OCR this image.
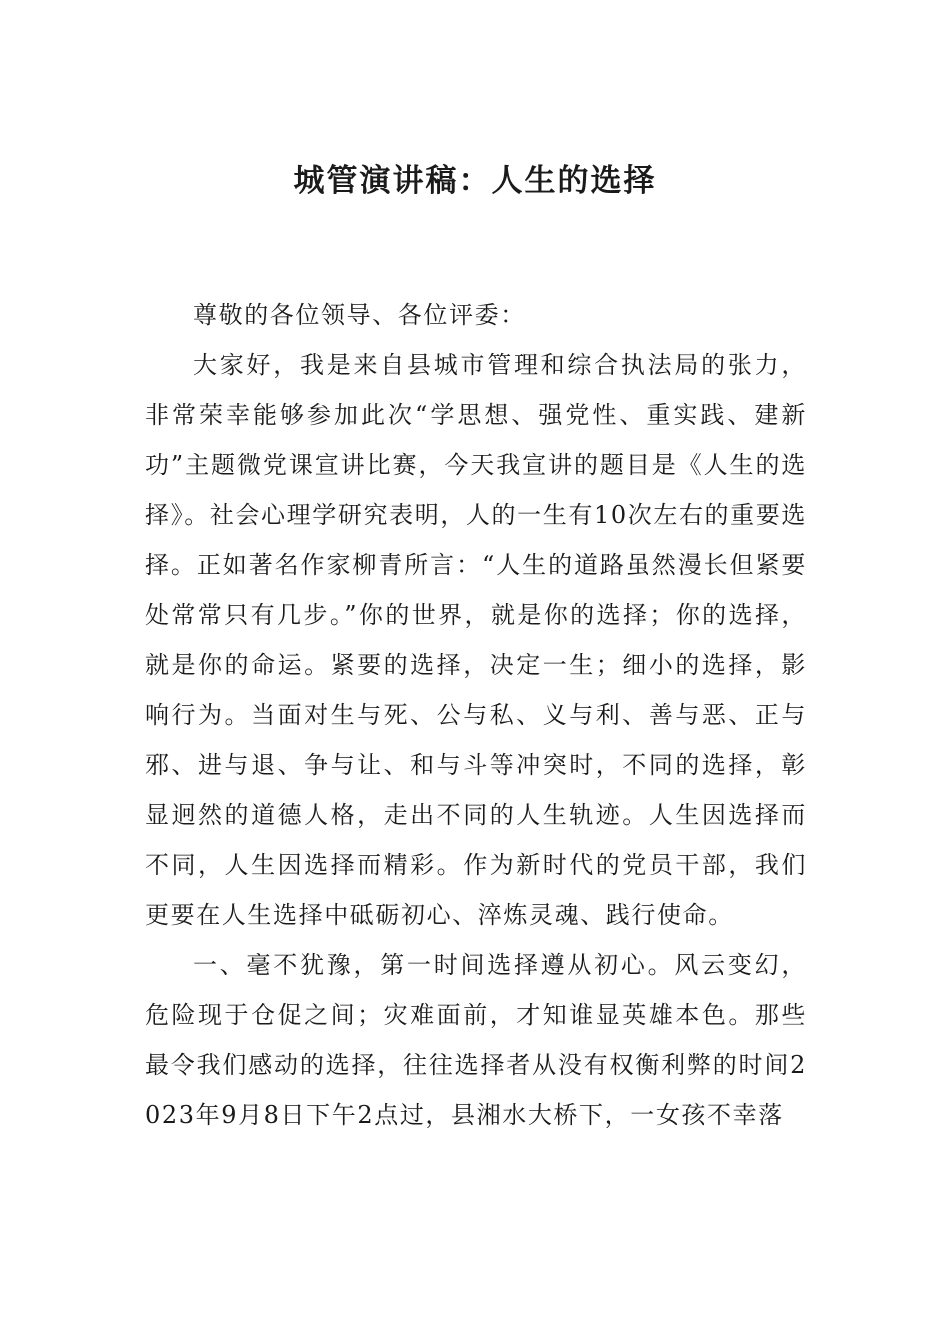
城管演讲稿：人生的选择

尊敬的各位领导、各位评委：

大家好，我是来自县城市管理和综合执法局的张力，非常荣幸能够参加此次“学思想、强党性、重实践、建新功”主题微党课宣讲比赛，今天我宣讲的题目是《人生的选择》。社会心理学研究表明，人的一生有10次左右的重要选择。正如著名作家柳青所言：“人生的道路虽然漫长但紧要处常常只有几步。”你的世界，就是你的选择；你的选择，就是你的命运。紧要的选择，决定一生；细小的选择，影响行为。当面对生与死、公与私、义与利、善与恶、正与邪、进与退、争与让、和与斗等冲突时，不同的选择，彰显迥然的道德人格，走出不同的人生轨迹。人生因选择而不同，人生因选择而精彩。作为新时代的党员干部，我们更要在人生选择中砥砺初心、淬炼灵魂、践行使命。

一、毫不犹豫，第一时间选择遵从初心。风云变幻，危险现于仓促之间；灾难面前，才知谁显英雄本色。那些最令我们感动的选择，往往选择者从没有权衡利弊的时间2023年9月8日下午2点过，县湘水大桥下，一女孩不幸落
